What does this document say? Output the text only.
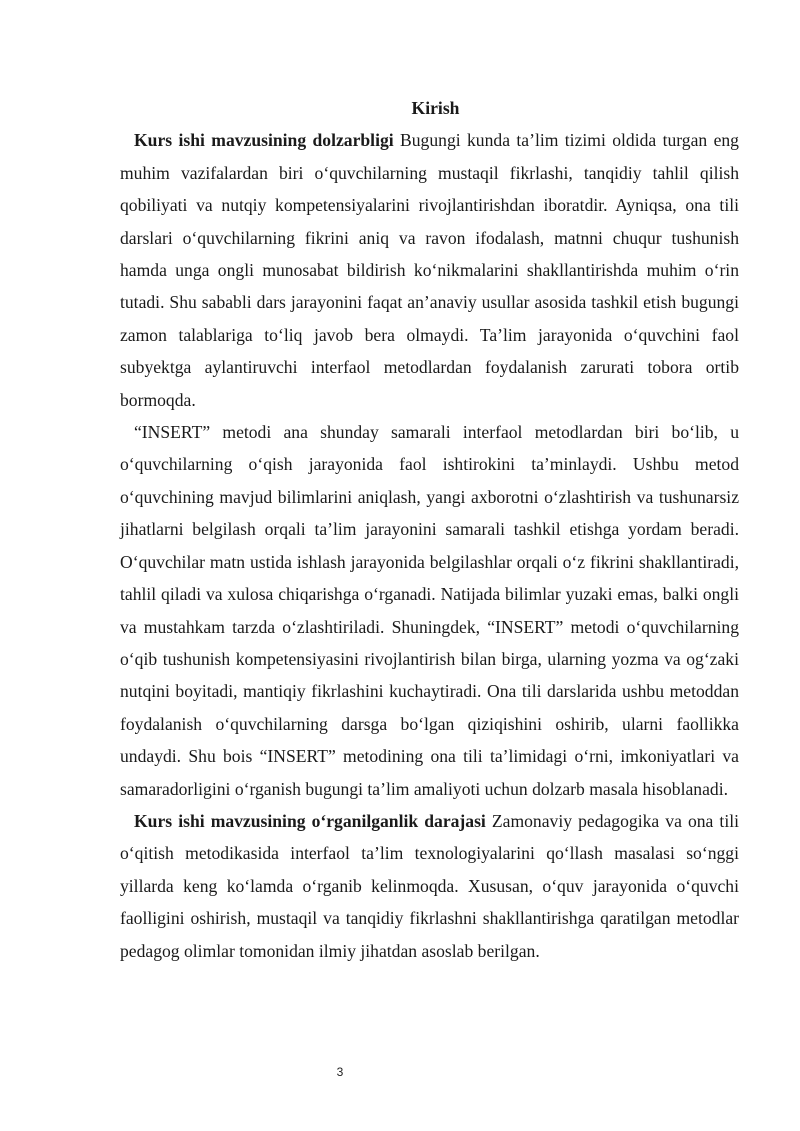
Kirish

Kurs ishi mavzusining dolzarbligi Bugungi kunda ta’lim tizimi oldida turgan eng muhim vazifalardan biri o‘quvchilarning mustaqil fikrlashi, tanqidiy tahlil qilish qobiliyati va nutqiy kompetensiyalarini rivojlantirishdan iboratdir. Ayniqsa, ona tili darslari o‘quvchilarning fikrini aniq va ravon ifodalash, matnni chuqur tushunish hamda unga ongli munosabat bildirish ko‘nikmalarini shakllantirishda muhim o‘rin tutadi. Shu sababli dars jarayonini faqat an’anaviy usullar asosida tashkil etish bugungi zamon talablariga to‘liq javob bera olmaydi. Ta’lim jarayonida o‘quvchini faol subyektga aylantiruvchi interfaol metodlardan foydalanish zarurati tobora ortib bormoqda.

“INSERT” metodi ana shunday samarali interfaol metodlardan biri bo‘lib, u o‘quvchilarning o‘qish jarayonida faol ishtirokini ta’minlaydi. Ushbu metod o‘quvchining mavjud bilimlarini aniqlash, yangi axborotni o‘zlashtirish va tushunarsiz jihatlarni belgilash orqali ta’lim jarayonini samarali tashkil etishga yordam beradi. O‘quvchilar matn ustida ishlash jarayonida belgilashlar orqali o‘z fikrini shakllantiradi, tahlil qiladi va xulosa chiqarishga o‘rganadi. Natijada bilimlar yuzaki emas, balki ongli va mustahkam tarzda o‘zlashtiriladi. Shuningdek, “INSERT” metodi o‘quvchilarning o‘qib tushunish kompetensiyasini rivojlantirish bilan birga, ularning yozma va og‘zaki nutqini boyitadi, mantiqiy fikrlashini kuchaytiradi. Ona tili darslarida ushbu metoddan foydalanish o‘quvchilarning darsga bo‘lgan qiziqishini oshirib, ularni faollikka undaydi. Shu bois “INSERT” metodining ona tili ta’limidagi o‘rni, imkoniyatlari va samaradorligini o‘rganish bugungi ta’lim amaliyoti uchun dolzarb masala hisoblanadi.

Kurs ishi mavzusining o‘rganilganlik darajasi Zamonaviy pedagogika va ona tili o‘qitish metodikasida interfaol ta’lim texnologiyalarini qo‘llash masalasi so‘nggi yillarda keng ko‘lamda o‘rganib kelinmoqda. Xususan, o‘quv jarayonida o‘quvchi faolligini oshirish, mustaqil va tanqidiy fikrlashni shakllantirishga qaratilgan metodlar pedagog olimlar tomonidan ilmiy jihatdan asoslab berilgan.

3
